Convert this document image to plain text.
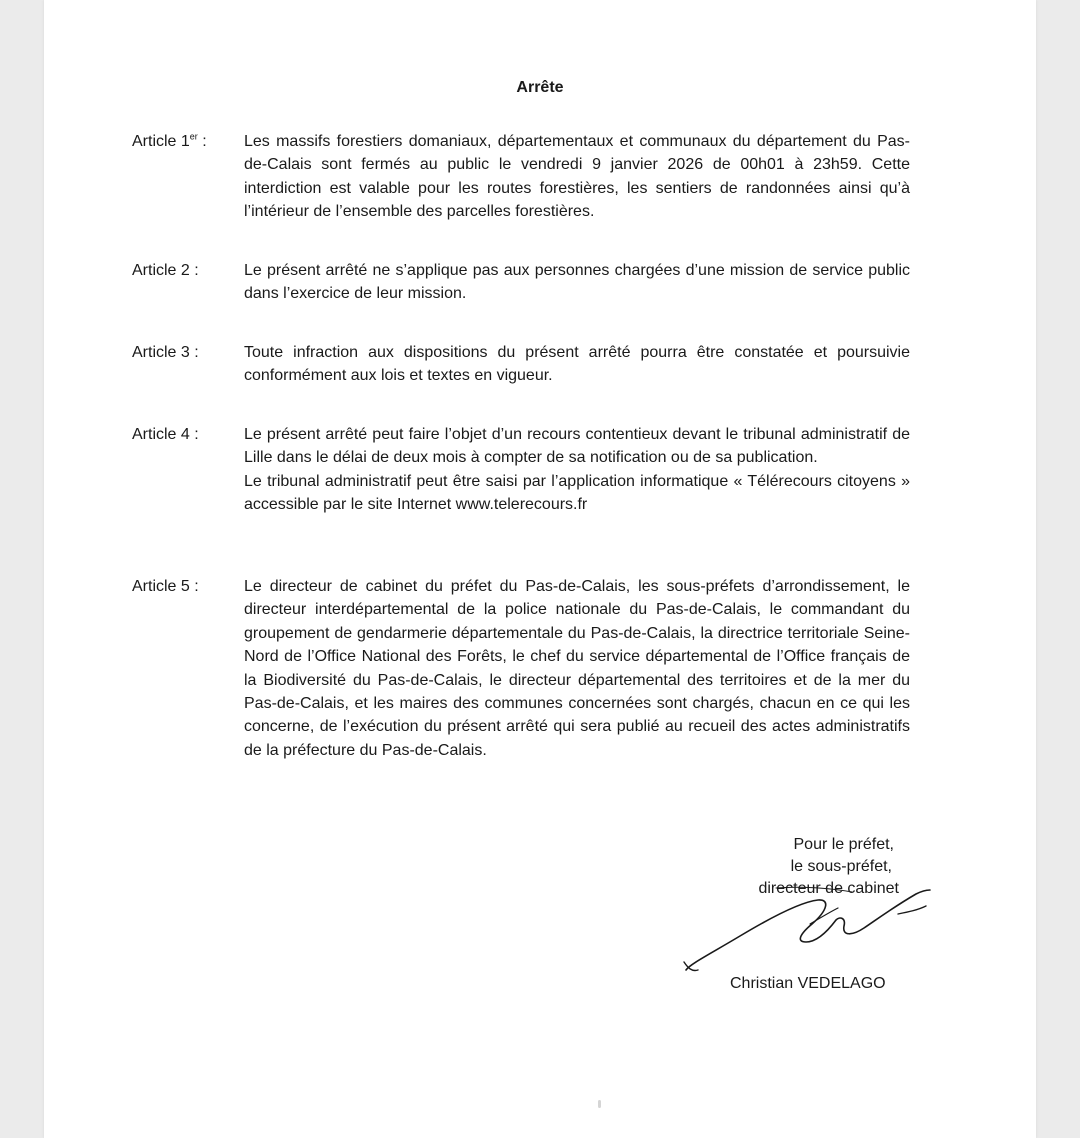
Arrête
Article 1er : Les massifs forestiers domaniaux, départementaux et communaux du département du Pas-de-Calais sont fermés au public le vendredi 9 janvier 2026 de 00h01 à 23h59. Cette interdiction est valable pour les routes forestières, les sentiers de randonnées ainsi qu’à l’intérieur de l’ensemble des parcelles forestières.

Article 2 :	Le présent arrêté ne s’applique pas aux personnes chargées d’une mission de service public dans l’exercice de leur mission.

Article 3 :	Toute infraction aux dispositions du présent arrêté pourra être constatée et poursuivie conformément aux lois et textes en vigueur.

Article 4 :	Le présent arrêté peut faire l’objet d’un recours contentieux devant le tribunal administratif de Lille dans le délai de deux mois à compter de sa notification ou de sa publication.

Le tribunal administratif peut être saisi par l’application informatique « Télérecours citoyens » accessible par le site Internet www.telerecours.fr

Article 5 :	Le directeur de cabinet du préfet du Pas-de-Calais, les sous-préfets d’arrondissement, le directeur interdépartemental de la police nationale du Pas-de-Calais, le commandant du groupement de gendarmerie départementale du Pas-de-Calais, la directrice territoriale Seine-Nord de l’Office National des Forêts, le chef du service départemental de l’Office français de la Biodiversité du Pas-de-Calais, le directeur départemental des territoires et de la mer du Pas-de-Calais, et les maires des communes concernées sont chargés, chacun en ce qui les concerne, de l’exécution du présent arrêté qui sera publié au recueil des actes administratifs de la préfecture du Pas-de-Calais.

Pour le préfet,
le sous-préfet,
directeur de cabinet
Christian VEDELAGO
